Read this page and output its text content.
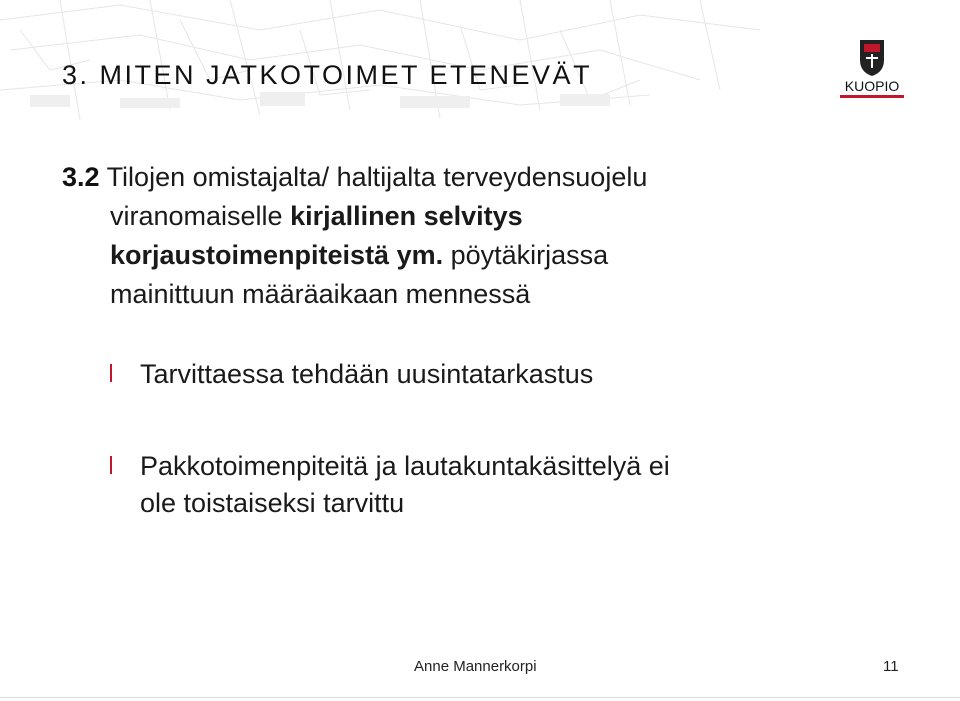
3. MITEN JATKOTOIMET ETENEVÄT	KUOPIO
3.2 Tilojen omistajalta/ haltijalta terveydensuojelu
viranomaiselle kirjallinen selvitys
korjaustoimenpiteistä ym. pöytäkirjassa
mainittuun määräaikaan mennessä
Tarvittaessa tehdään uusintatarkastus
Pakkotoimenpiteitä ja lautakuntakäsittelyä ei
ole toistaiseksi tarvittu
Anne Mannerkorpi	11
